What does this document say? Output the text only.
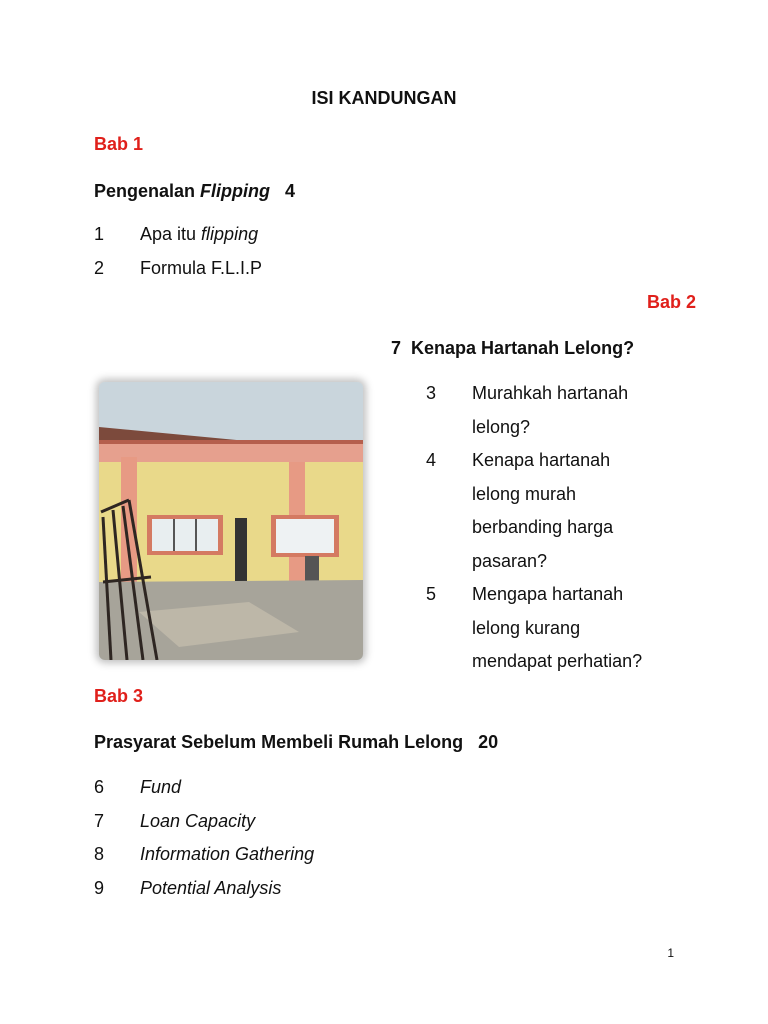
ISI KANDUNGAN
Bab 1
Pengenalan Flipping 4
1 Apa itu flipping
2 Formula F.L.I.P
Bab 2
7 Kenapa Hartanah Lelong?
3 Murahkah hartanah
lelong?
4 Kenapa hartanah
lelong murah
berbanding harga
pasaran?
5 Mengapa hartanah
lelong kurang
mendapat perhatian?
Bab 3
Prasyarat Sebelum Membeli Rumah Lelong 20
6 Fund
7 Loan Capacity
8 Information Gathering
9 Potential Analysis
1
